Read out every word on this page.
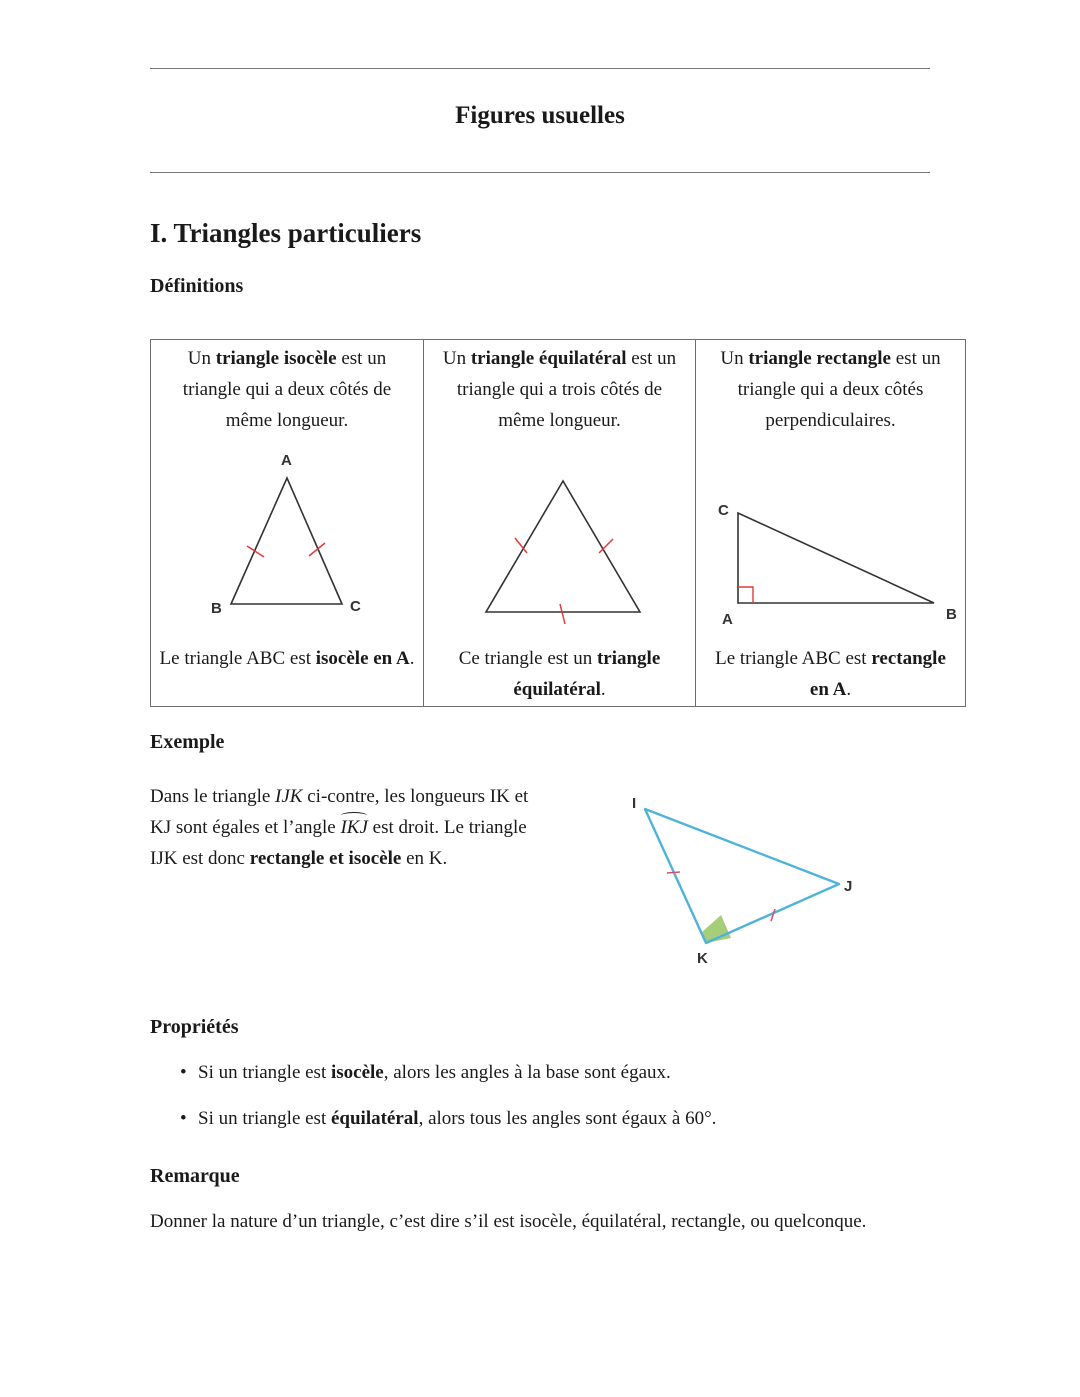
Figures usuelles
I. Triangles particuliers
Définitions
Un triangle isocèle est un triangle qui a deux côtés de même longueur.
A
B	C
Le triangle ABC est isocèle en A.
Un triangle équilatéral est un triangle qui a trois côtés de même longueur.
Ce triangle est un triangle équilatéral.
Un triangle rectangle est un triangle qui a deux côtés perpendiculaires.
C
A	B
Le triangle ABC est rectangle en A.
Exemple
Dans le triangle IJK ci-contre, les longueurs IK et KJ sont égales et l’angle IKJ est droit. Le triangle IJK est donc rectangle et isocèle en K.
I
J
K
Propriétés
• Si un triangle est isocèle, alors les angles à la base sont égaux.
• Si un triangle est équilatéral, alors tous les angles sont égaux à 60°.
Remarque
Donner la nature d’un triangle, c’est dire s’il est isocèle, équilatéral, rectangle, ou quelconque.
